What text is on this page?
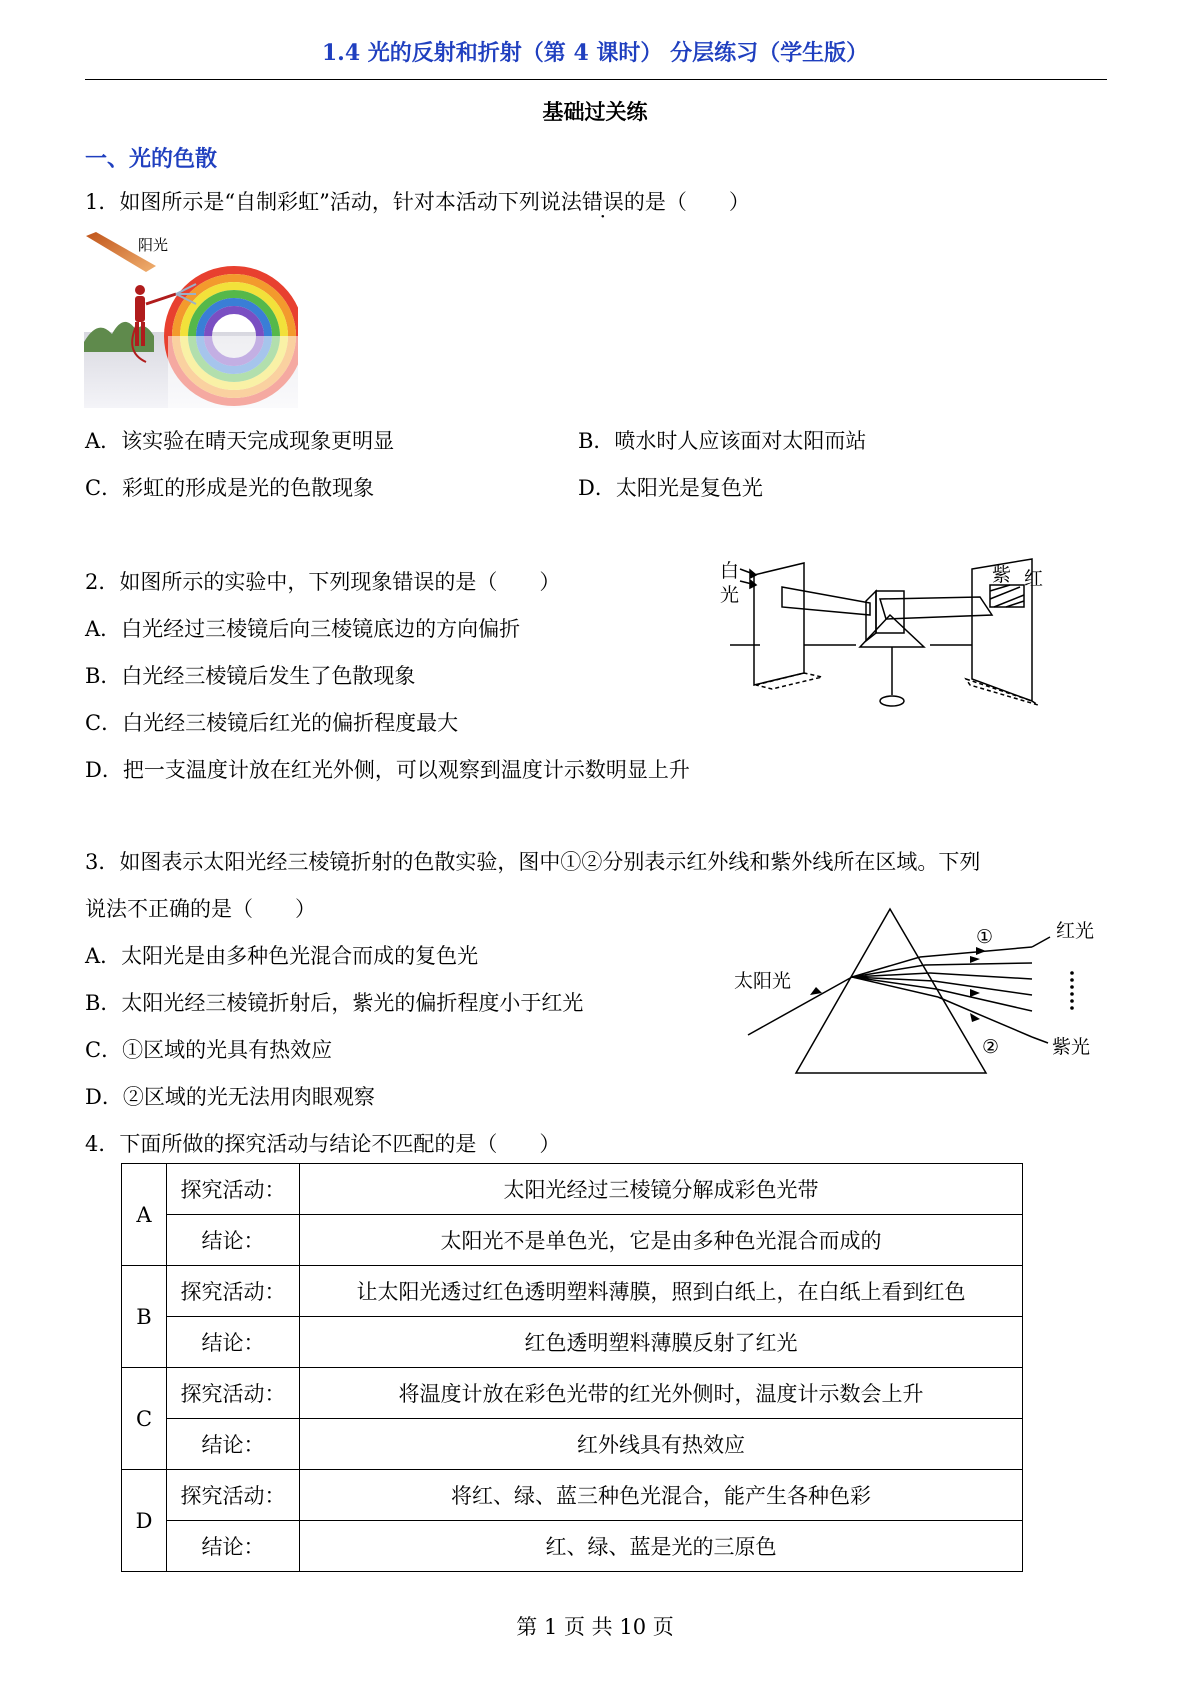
1.4 光的反射和折射（第 4 课时） 分层练习（学生版）
基础过关练
一、光的色散
1．如图所示是“自制彩虹”活动，针对本活动下列说法错误的是（　　）
阳光
A．该实验在晴天完成现象更明显	B．喷水时人应该面对太阳而站
C．彩虹的形成是光的色散现象	D．太阳光是复色光
2．如图所示的实验中，下列现象错误的是（　　）
A．白光经过三棱镜后向三棱镜底边的方向偏折
B．白光经三棱镜后发生了色散现象
C．白光经三棱镜后红光的偏折程度最大
D．把一支温度计放在红光外侧，可以观察到温度计示数明显上升
白
光
紫 红
3．如图表示太阳光经三棱镜折射的色散实验，图中①②分别表示红外线和紫外线所在区域。下列
说法不正确的是（　　）
A．太阳光是由多种色光混合而成的复色光
B．太阳光经三棱镜折射后，紫光的偏折程度小于红光
C．①区域的光具有热效应
D．②区域的光无法用肉眼观察
太阳光
红光
紫光
①
②
4．下面所做的探究活动与结论不匹配的是（　　）
A	探究活动：	太阳光经过三棱镜分解成彩色光带
	结论：	太阳光不是单色光，它是由多种色光混合而成的
B	探究活动：	让太阳光透过红色透明塑料薄膜，照到白纸上，在白纸上看到红色
	结论：	红色透明塑料薄膜反射了红光
C	探究活动：	将温度计放在彩色光带的红光外侧时，温度计示数会上升
	结论：	红外线具有热效应
D	探究活动：	将红、绿、蓝三种色光混合，能产生各种色彩
	结论：	红、绿、蓝是光的三原色
第 1 页 共 10 页
